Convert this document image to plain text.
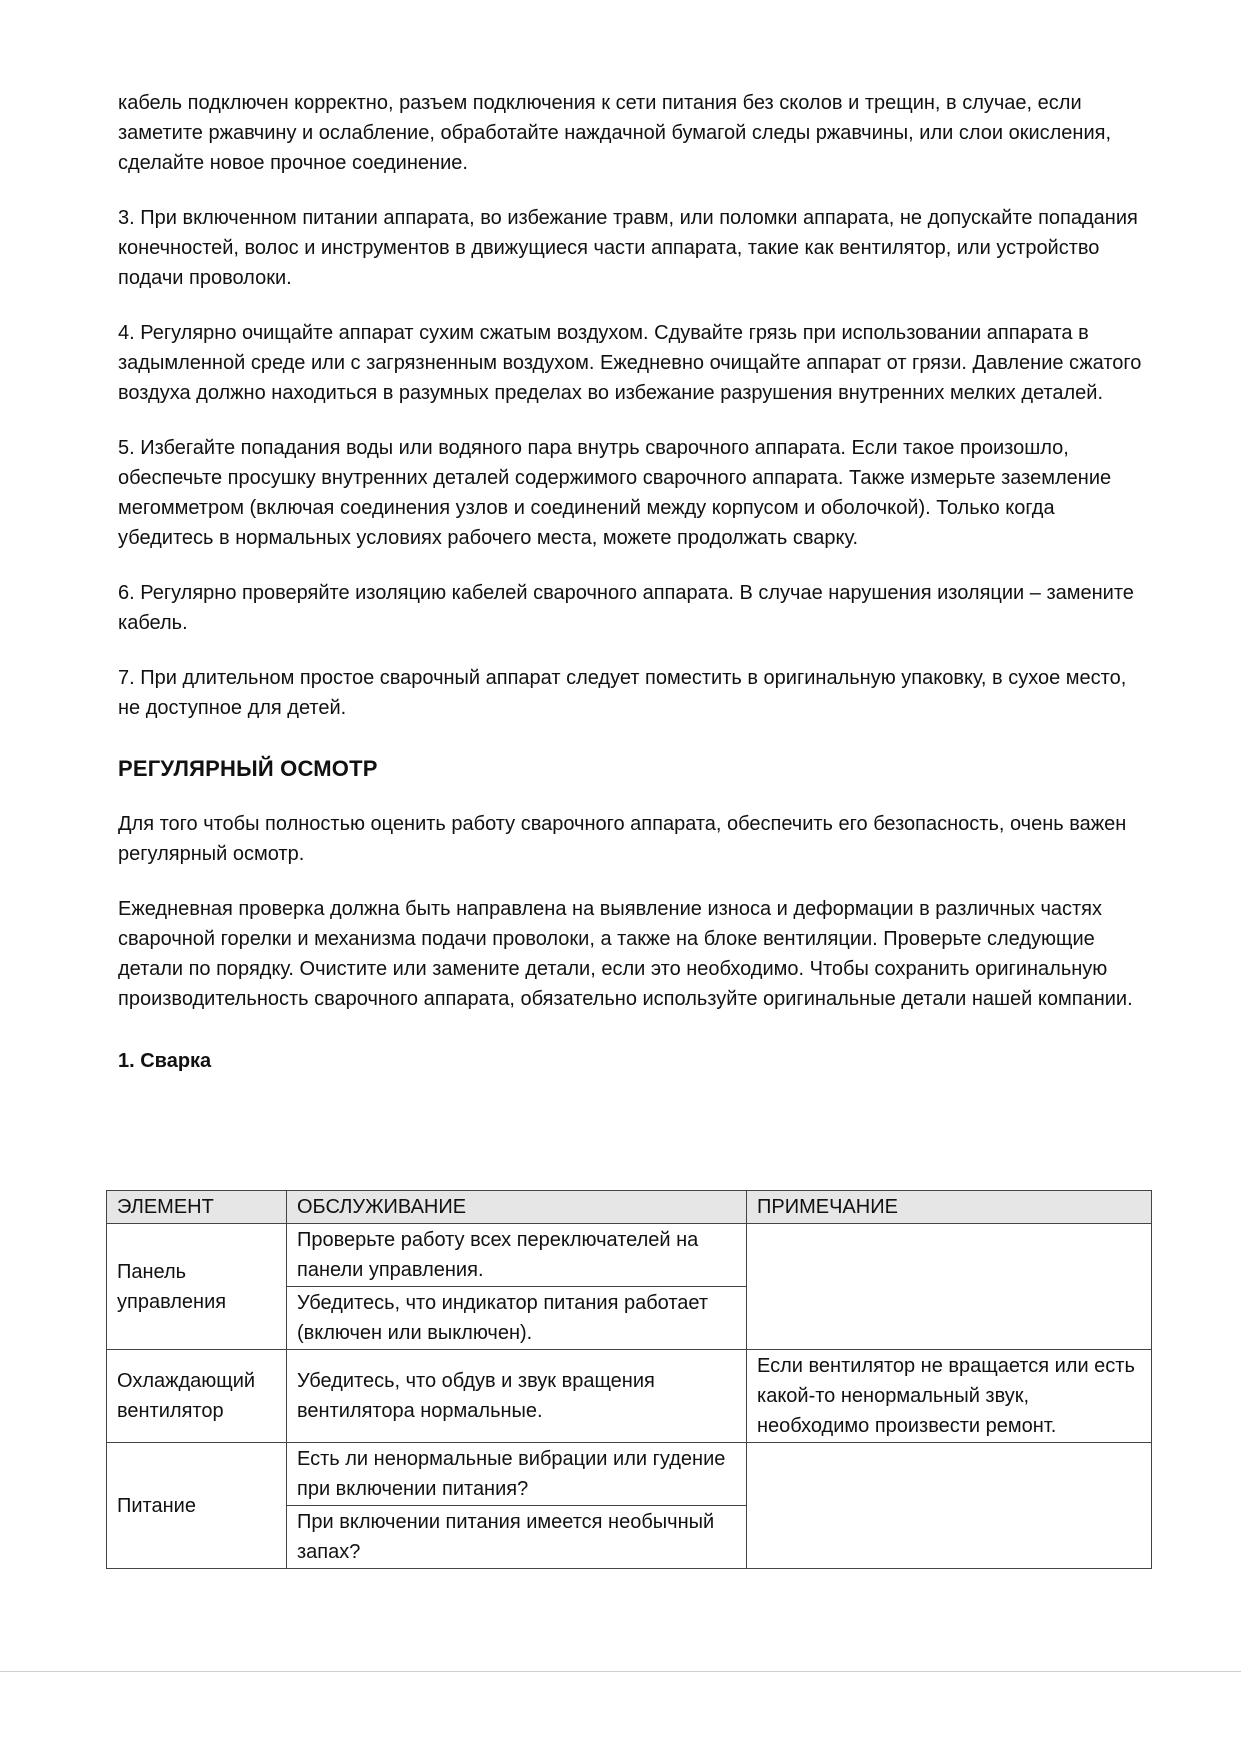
кабель подключен корректно, разъем подключения к сети питания без сколов и трещин, в случае, если заметите ржавчину и ослабление, обработайте наждачной бумагой следы ржавчины, или слои окисления, сделайте новое прочное соединение.

3. При включенном питании аппарата, во избежание травм, или поломки аппарата, не допускайте попадания конечностей, волос и инструментов в движущиеся части аппарата, такие как вентилятор, или устройство подачи проволоки.

4. Регулярно очищайте аппарат сухим сжатым воздухом. Сдувайте грязь при использовании аппарата в задымленной среде или с загрязненным воздухом. Ежедневно очищайте аппарат от грязи. Давление сжатого воздуха должно находиться в разумных пределах во избежание разрушения внутренних мелких деталей.

5. Избегайте попадания воды или водяного пара внутрь сварочного аппарата. Если такое произошло, обеспечьте просушку внутренних деталей содержимого сварочного аппарата. Также измерьте заземление мегомметром (включая соединения узлов и соединений между корпусом и оболочкой). Только когда убедитесь в нормальных условиях рабочего места, можете продолжать сварку.

6. Регулярно проверяйте изоляцию кабелей сварочного аппарата. В случае нарушения изоляции – замените кабель.

7. При длительном простое сварочный аппарат следует поместить в оригинальную упаковку, в сухое место, не доступное для детей.

РЕГУЛЯРНЫЙ ОСМОТР

Для того чтобы полностью оценить работу сварочного аппарата, обеспечить его безопасность, очень важен регулярный осмотр.

Ежедневная проверка должна быть направлена на выявление износа и деформации в различных частях сварочной горелки и механизма подачи проволоки, а также на блоке вентиляции. Проверьте следующие детали по порядку. Очистите или замените детали, если это необходимо. Чтобы сохранить оригинальную производительность сварочного аппарата, обязательно используйте оригинальные детали нашей компании.

1. Сварка
ЭЛЕМЕНТ	ОБСЛУЖИВАНИЕ	ПРИМЕЧАНИЕ
Панель управления	Проверьте работу всех переключателей на панели управления.	
	Убедитесь, что индикатор питания работает (включен или выключен).	
Охлаждающий вентилятор	Убедитесь, что обдув и звук вращения вентилятора нормальные.	Если вентилятор не вращается или есть какой-то ненормальный звук, необходимо произвести ремонт.
Питание	Есть ли ненормальные вибрации или гудение при включении питания?	
	При включении питания имеется необычный запах?	
